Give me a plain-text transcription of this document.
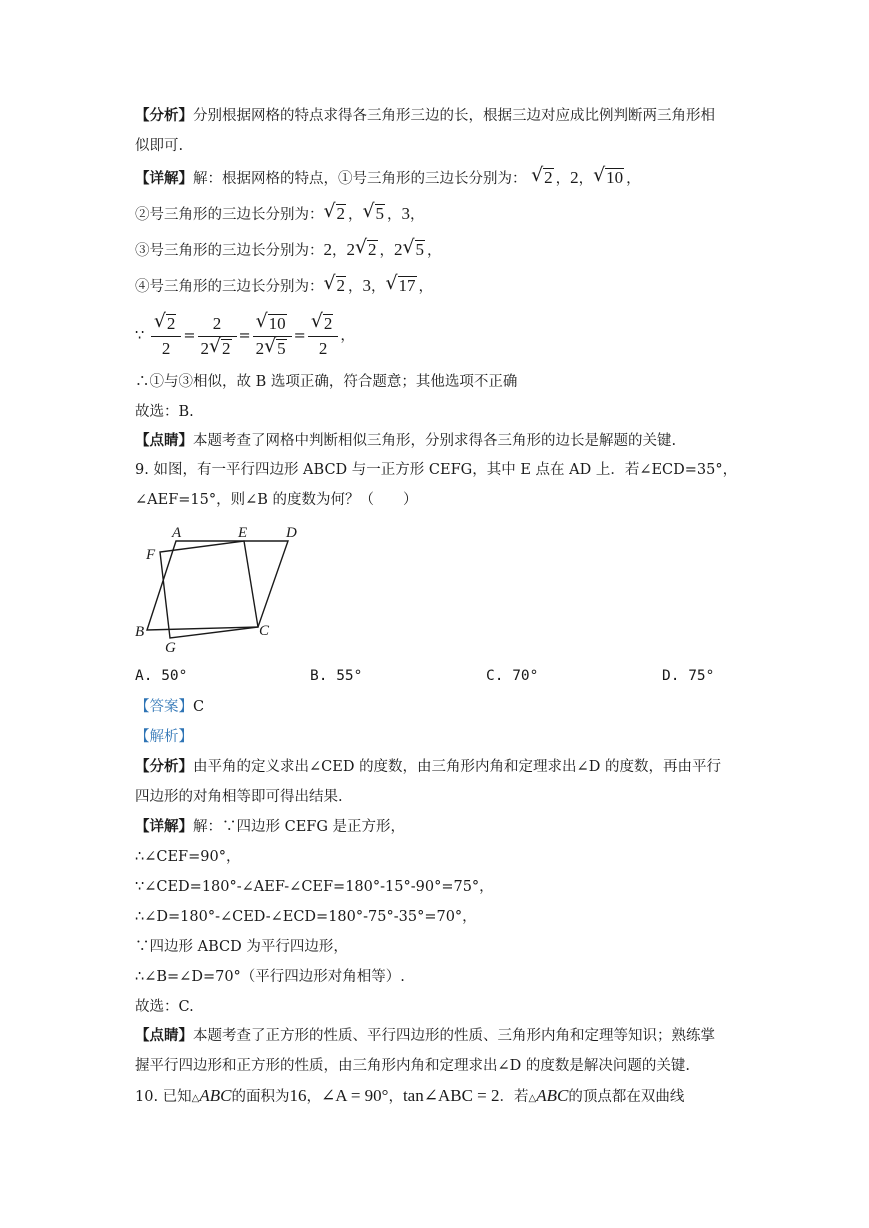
【分析】分别根据网格的特点求得各三角形三边的长，根据三边对应成比例判断两三角形相
似即可.
【详解】解：根据网格的特点，①号三角形的三边长分别为： √ 2 ，2， √ 10 ，
②号三角形的三边长分别为： √ 2 ， √ 5 ，3，
③号三角形的三边长分别为：2，2 √ 2 ，2 √ 5 ，
④号三角形的三边长分别为： √ 2 ，3， √ 17 ，
∵ √ $\frac{2}{2} = \frac{2}{2 √ 2}$ = √ $\frac{10}{2 √ 5}$ = √ $\frac{2}{2}$ ，
∴①与③相似，故 B 选项正确，符合题意；其他选项不正确
故选：B.
【点睛】本题考查了网格中判断相似三角形，分别求得各三角形的边长是解题的关键.
9. 如图，有一平行四边形 ABCD 与一正方形 CEFG，其中 E 点在 AD 上．若∠ECD=35°，
∠AEF=15°，则∠B 的度数为何？（　　）
A	E	D
F
B	C
G
A. 50°	B. 55°	C. 70°	D. 75°
【答案】C
【解析】
【分析】由平角的定义求出∠CED 的度数，由三角形内角和定理求出∠D 的度数，再由平行
四边形的对角相等即可得出结果.
【详解】解：∵四边形 CEFG 是正方形，
∴∠CEF=90°，
∵∠CED=180°-∠AEF-∠CEF=180°-15°-90°=75°，
∴∠D=180°-∠CED-∠ECD=180°-75°-35°=70°，
∵四边形 ABCD 为平行四边形，
∴∠B=∠D=70°（平行四边形对角相等）.
故选：C.
【点睛】本题考查了正方形的性质、平行四边形的性质、三角形内角和定理等知识；熟练掌
握平行四边形和正方形的性质，由三角形内角和定理求出∠D 的度数是解决问题的关键.
10. 已知△ABC的面积为16，∠A = 90°，tan∠ABC = 2．若△ABC的顶点都在双曲线
